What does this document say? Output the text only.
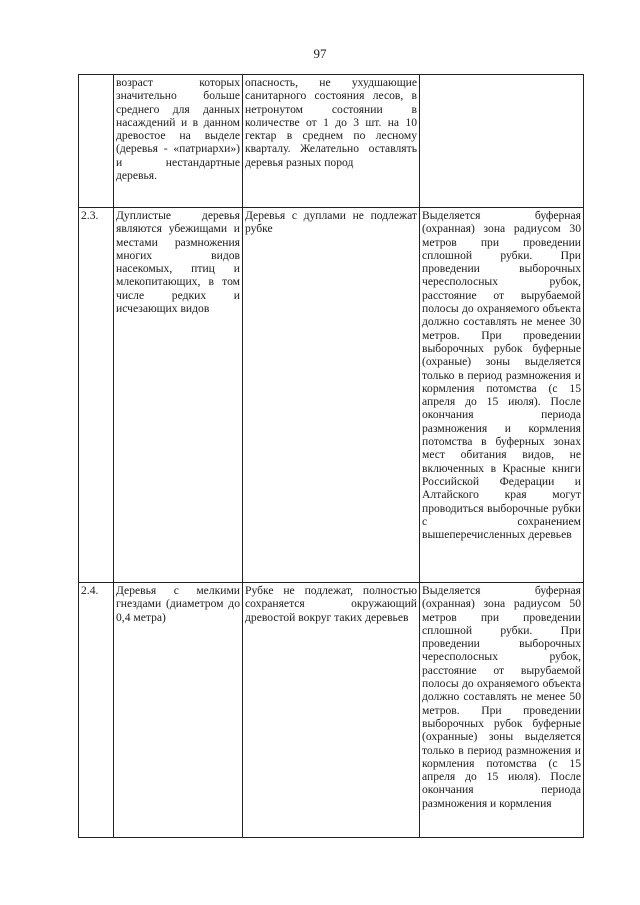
97

	возраст которых значительно больше среднего для данных насаждений и в данном древостое на выделе (деревья - «патриархи») и нестандартные деревья.	опасность, не ухудшающие санитарного состояния лесов, в нетронутом состоянии в количестве от 1 до 3 шт. на 10 гектар в среднем по лесному кварталу. Желательно оставлять деревья разных пород	

2.3.	Дуплистые деревья являются убежищами и местами размножения многих видов насекомых, птиц и млекопитающих, в том числе редких и исчезающих видов	Деревья с дуплами не подлежат рубке	Выделяется буферная (охранная) зона радиусом 30 метров при проведении сплошной рубки. При проведении выборочных чересполосных рубок, расстояние от вырубаемой полосы до охраняемого объекта должно составлять не менее 30 метров. При проведении выборочных рубок буферные (охраные) зоны выделяется только в период размножения и кормления потомства (с 15 апреля до 15 июля). После окончания периода размножения и кормления потомства в буферных зонах мест обитания видов, не включенных в Красные книги Российской Федерации и Алтайского края могут проводиться выборочные рубки с сохранением вышеперечисленных деревьев

2.4.	Деревья с мелкими гнездами (диаметром до 0,4 метра)	Рубке не подлежат, полностью сохраняется окружающий древостой вокруг таких деревьев	Выделяется буферная (охранная) зона радиусом 50 метров при проведении сплошной рубки. При проведении выборочных чересполосных рубок, расстояние от вырубаемой полосы до охраняемого объекта должно составлять не менее 50 метров. При проведении выборочных рубок буферные (охранные) зоны выделяется только в период размножения и кормления потомства (с 15 апреля до 15 июля). После окончания периода размножения и кормления
